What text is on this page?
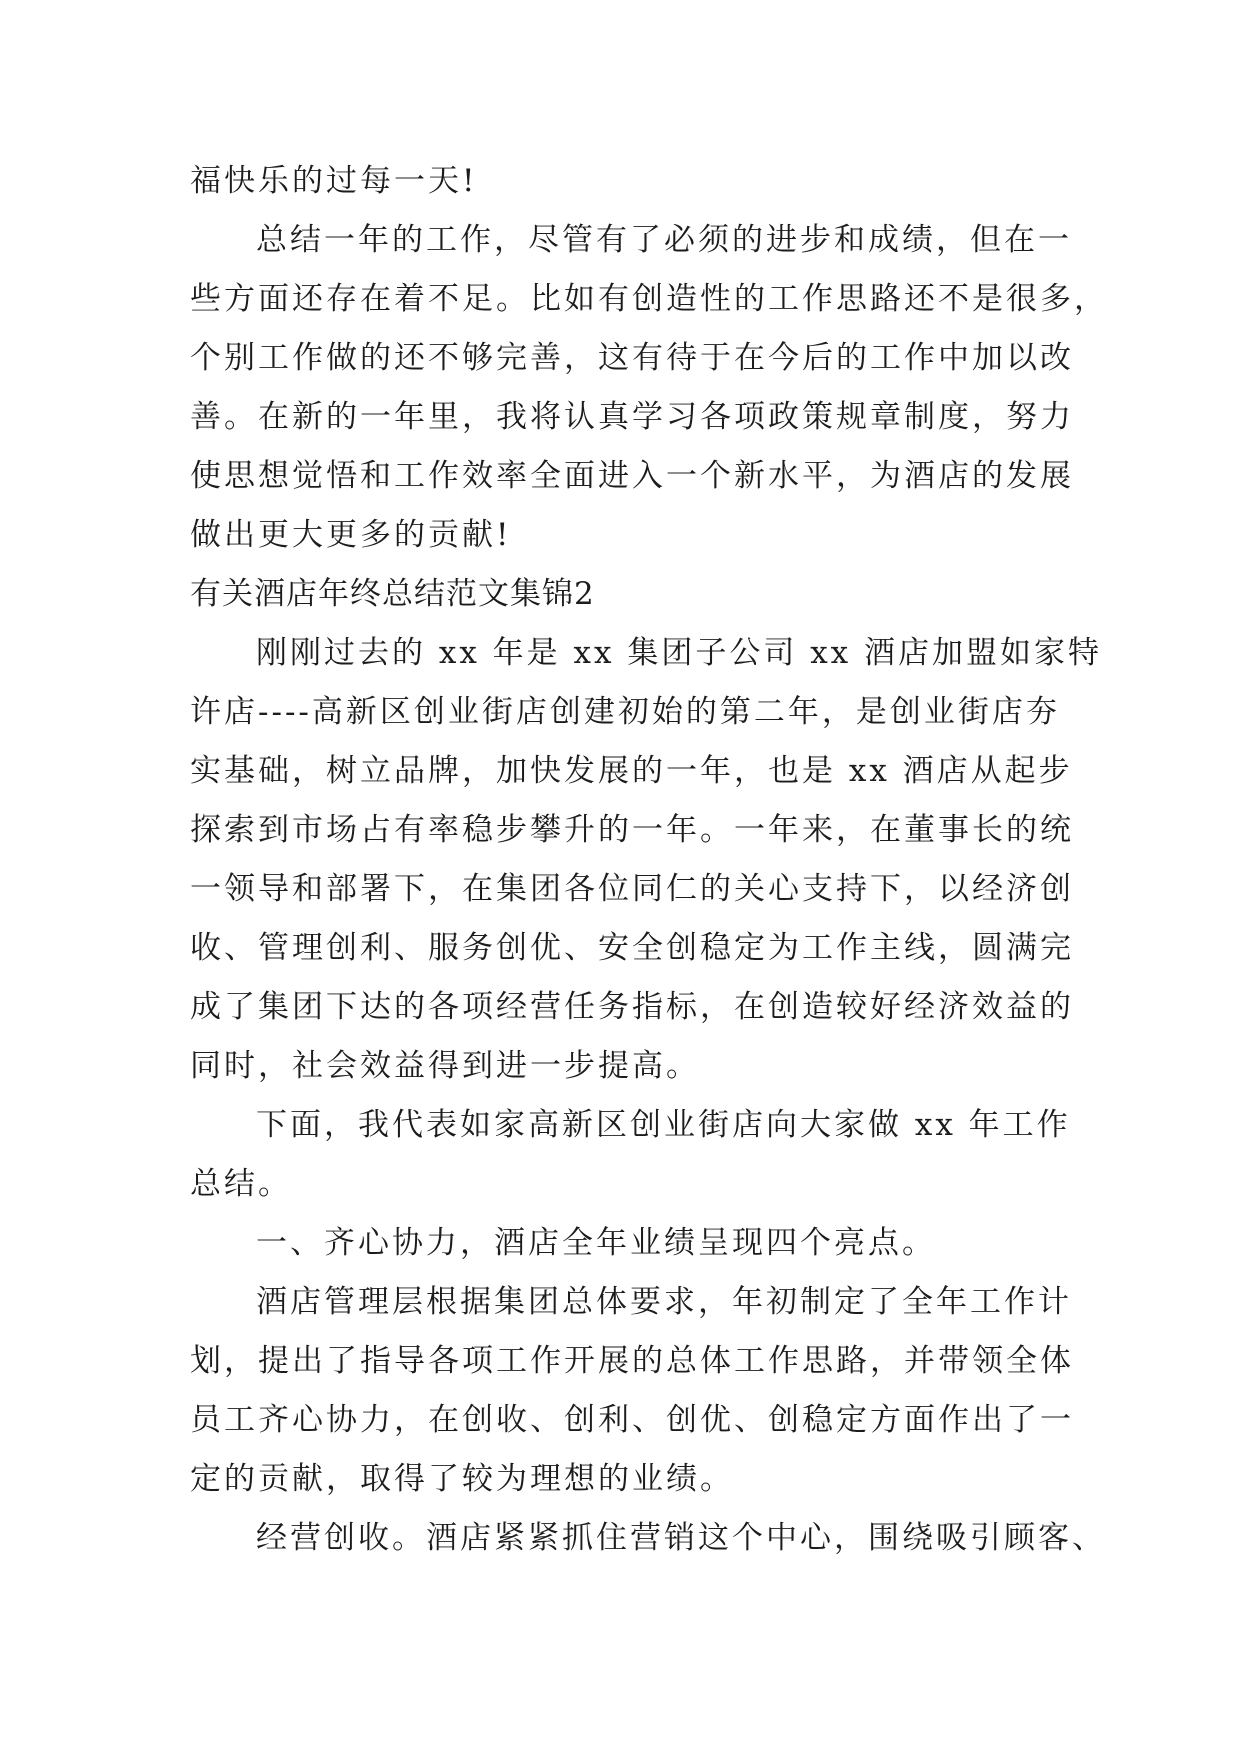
福快乐的过每一天!
总结一年的工作，尽管有了必须的进步和成绩，但在一
些方面还存在着不足。比如有创造性的工作思路还不是很多，
个别工作做的还不够完善，这有待于在今后的工作中加以改
善。在新的一年里，我将认真学习各项政策规章制度，努力
使思想觉悟和工作效率全面进入一个新水平，为酒店的发展
做出更大更多的贡献!
有关酒店年终总结范文集锦2
刚刚过去的 xx 年是 xx 集团子公司 xx 酒店加盟如家特
许店----高新区创业街店创建初始的第二年，是创业街店夯
实基础，树立品牌，加快发展的一年，也是 xx 酒店从起步
探索到市场占有率稳步攀升的一年。一年来，在董事长的统
一领导和部署下，在集团各位同仁的关心支持下，以经济创
收、管理创利、服务创优、安全创稳定为工作主线，圆满完
成了集团下达的各项经营任务指标，在创造较好经济效益的
同时，社会效益得到进一步提高。
下面，我代表如家高新区创业街店向大家做 xx 年工作
总结。
一、齐心协力，酒店全年业绩呈现四个亮点。
酒店管理层根据集团总体要求，年初制定了全年工作计
划，提出了指导各项工作开展的总体工作思路，并带领全体
员工齐心协力，在创收、创利、创优、创稳定方面作出了一
定的贡献，取得了较为理想的业绩。
经营创收。酒店紧紧抓住营销这个中心，围绕吸引顾客、
